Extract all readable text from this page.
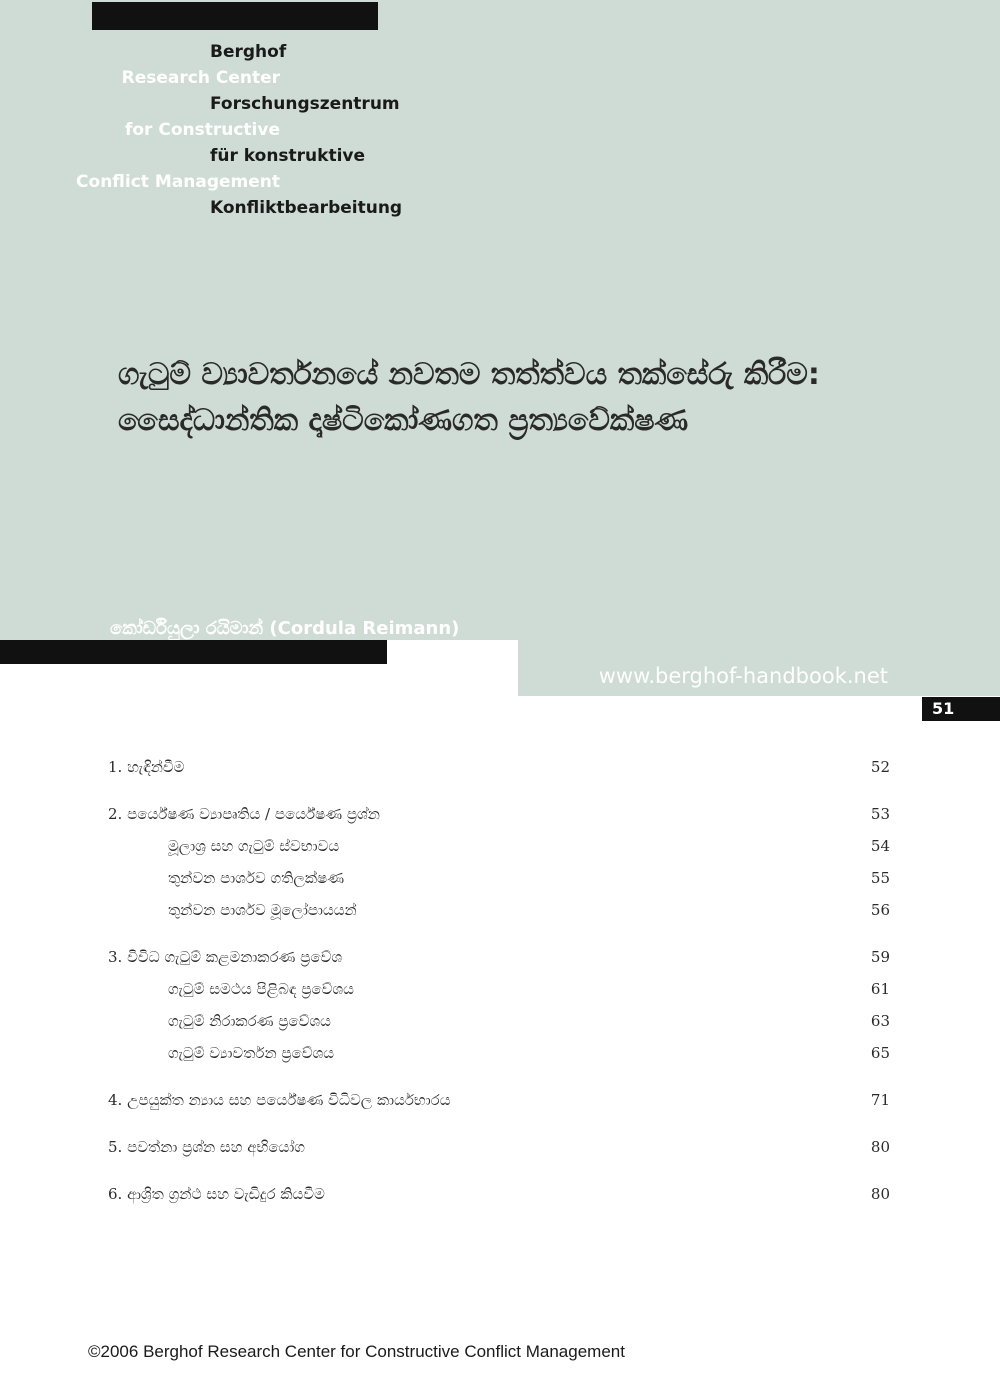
Berghof
Research Center
Forschungszentrum
for Constructive
für konstruktive
Conflict Management
Konfliktbearbeitung
ගැටුම් ව්‍යාවර්තනයේ නවතම තත්ත්වය තක්සේරු කිරීම:
සෛද්ධාන්තික දෘෂ්ටිකෝණගත ප්‍රත්‍යවේක්ෂණ
කෝර්ඩියුලා රයිමාන් (Cordula Reimann)
www.berghof-handbook.net
51
1. හැඳින්වීම	52
2. පර්යේෂණ ව්‍යාපෘතිය / පර්යේෂණ ප්‍රශ්න	53
මූලාශ්‍ර සහ ගැටුම් ස්වභාවය	54
තුන්වන පාර්ශව ගතිලක්ෂණ	55
තුන්වන පාර්ශව මූලෝපායයන්	56
3. විවිධ ගැටුම් කළමනාකරණ ප්‍රවේශ	59
ගැටුම් සමථය පිළිබඳ ප්‍රවේශය	61
ගැටුම් නිරාකරණ ප්‍රවේශය	63
ගැටුම් ව්‍යාවර්තන ප්‍රවේශය	65
4. උපයුක්ත න්‍යාය සහ පර්යේෂණ විධිවල කාර්යභාරය	71
5. පවත්නා ප්‍රශ්න සහ අභියෝග	80
6. ආශ්‍රිත ග්‍රන්ථ සහ වැඩිදුර කියවීම	80
©2006 Berghof Research Center for Constructive Conflict Management
